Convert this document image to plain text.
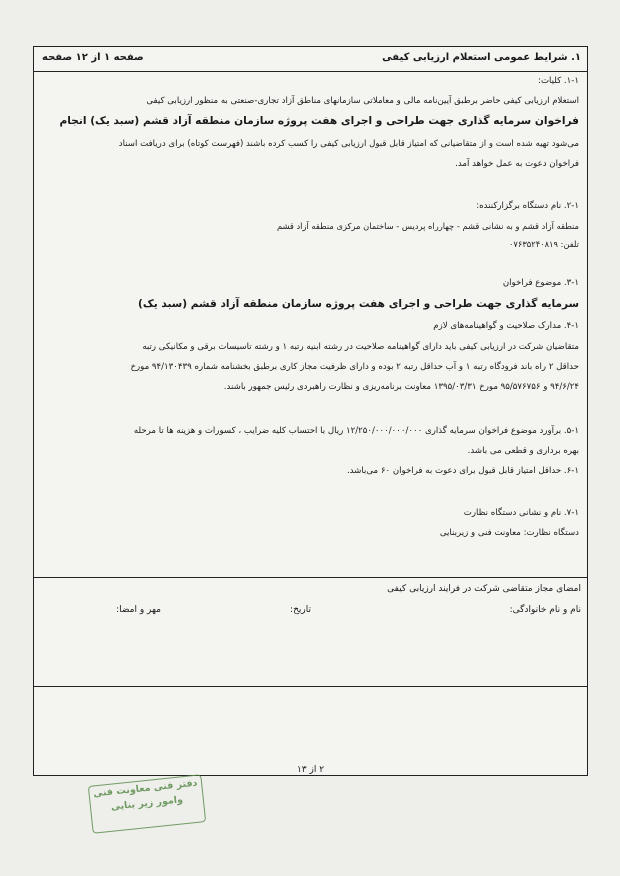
۱. شرایط عمومی استعلام ارزیابی کیفی
صفحه ۱ از ۱۲ صفحه
۱-۱. کلیات:
استعلام ارزیابی کیفی حاضر برطبق آیین‌نامه مالی و معاملاتی سازمانهای مناطق آزاد تجاری-صنعتی به منظور ارزیابی کیفی
فراخوان سرمایه گذاری جهت طراحی و اجرای هفت پروژه سازمان منطقه آزاد قشم (سبد یک) انجام
می‌شود تهیه شده است و از متقاضیانی که امتیاز قابل قبول ارزیابی کیفی را کسب کرده باشند (فهرست کوتاه) برای دریافت اسناد
فراخوان دعوت به عمل خواهد آمد.
۲-۱. نام دستگاه برگزارکننده:
منطقه آزاد قشم و به نشانی قشم - چهارراه پردیس - ساختمان مرکزی منطقه آزاد قشم
تلفن: ۰۷۶۳۵۲۴۰۸۱۹
۳-۱. موضوع فراخوان
سرمایه گذاری جهت طراحی و اجرای هفت پروژه سازمان منطقه آزاد قشم (سبد یک)
۴-۱. مدارک صلاحیت و گواهینامه‌های لازم
متقاضیان شرکت در ارزیابی کیفی باید دارای گواهینامه صلاحیت در رشته ابنیه رتبه ۱ و رشته تاسیسات برقی و مکانیکی رتبه
حداقل ۲ راه باند فرودگاه رتبه ۱ و آب حداقل رتبه ۲ بوده و دارای ظرفیت مجاز کاری برطبق بخشنامه شماره ۹۴/۱۳۰۴۳۹ مورخ
۹۴/۶/۲۴ و ۹۵/۵۷۶۷۵۶ مورخ ۱۳۹۵/۰۳/۳۱ معاونت برنامه‌ریزی و نظارت راهبردی رئیس جمهور باشند.
۵-۱. برآورد موضوع فراخوان سرمایه گذاری ۱۲/۲۵۰/۰۰۰/۰۰۰/۰۰۰ ریال با احتساب کلیه ضرایب ، کسورات و هزینه ها تا مرحله
بهره برداری و قطعی می باشد.
۶-۱. حداقل امتیاز قابل قبول برای دعوت به فراخوان ۶۰ می‌باشد.
۷-۱. نام و نشانی دستگاه نظارت
دستگاه نظارت: معاونت فنی و زیربنایی
امضای مجاز متقاضی شرکت در فرایند ارزیابی کیفی
نام و نام خانوادگی:
تاریخ:
مهر و امضا:
۲ از ۱۳
دفتر فنی معاونت فنی
وامور زیر بنایی
